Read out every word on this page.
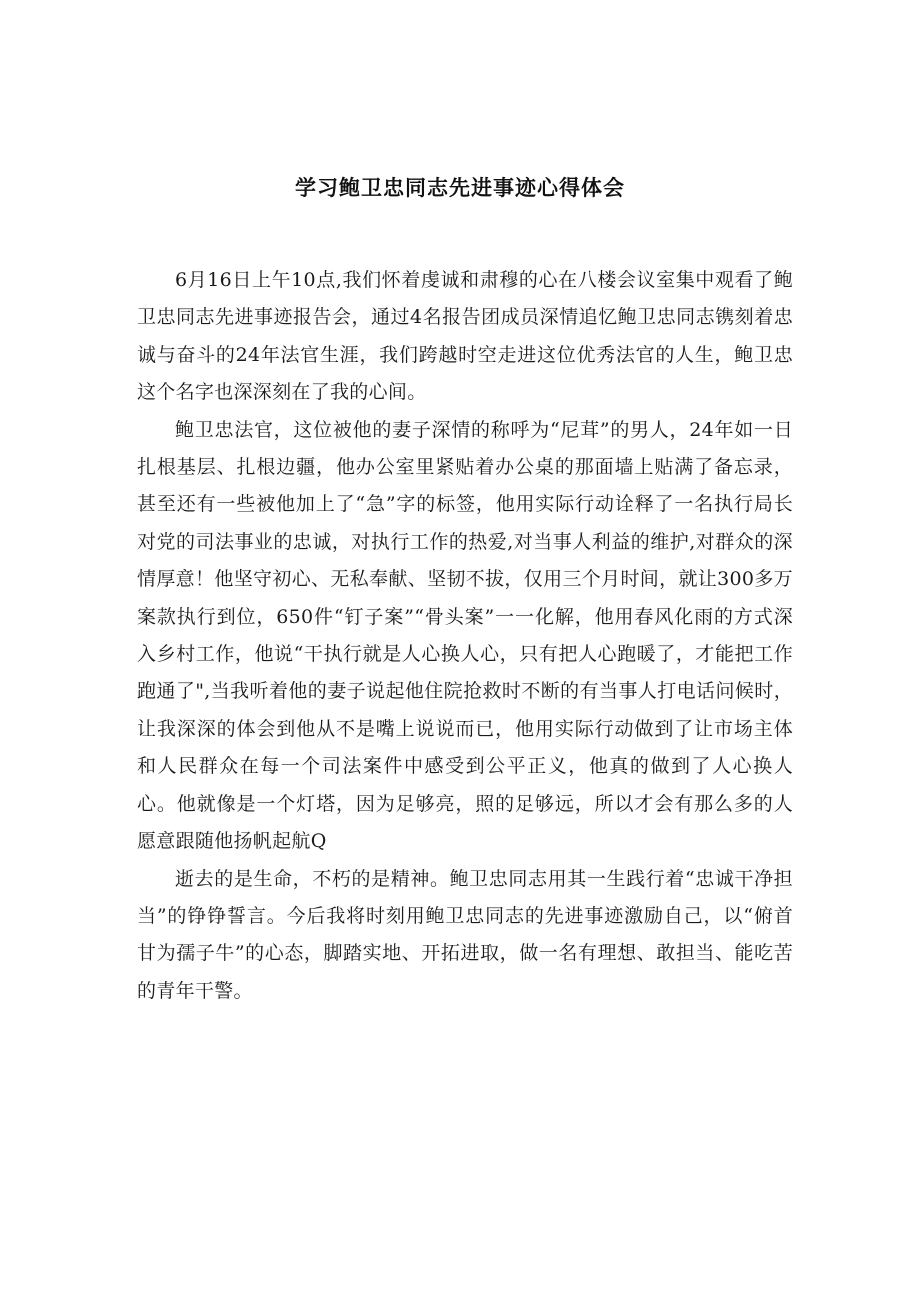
学习鲍卫忠同志先进事迹心得体会

6月16日上午10点,我们怀着虔诚和肃穆的心在八楼会议室集中观看了鲍卫忠同志先进事迹报告会，通过4名报告团成员深情追忆鲍卫忠同志镌刻着忠诚与奋斗的24年法官生涯，我们跨越时空走进这位优秀法官的人生，鲍卫忠这个名字也深深刻在了我的心间。

鲍卫忠法官，这位被他的妻子深情的称呼为“尼茸”的男人，24年如一日扎根基层、扎根边疆，他办公室里紧贴着办公桌的那面墙上贴满了备忘录，甚至还有一些被他加上了“急”字的标签，他用实际行动诠释了一名执行局长对党的司法事业的忠诚，对执行工作的热爱,对当事人利益的维护,对群众的深情厚意！他坚守初心、无私奉献、坚韧不拔，仅用三个月时间，就让300多万案款执行到位，650件“钉子案”“骨头案”一一化解，他用春风化雨的方式深入乡村工作，他说“干执行就是人心换人心，只有把人心跑暖了，才能把工作跑通了",当我听着他的妻子说起他住院抢救时不断的有当事人打电话问候时，让我深深的体会到他从不是嘴上说说而已，他用实际行动做到了让市场主体和人民群众在每一个司法案件中感受到公平正义，他真的做到了人心换人心。他就像是一个灯塔，因为足够亮，照的足够远，所以才会有那么多的人愿意跟随他扬帆起航Q

逝去的是生命，不朽的是精神。鲍卫忠同志用其一生践行着“忠诚干净担当”的铮铮誓言。今后我将时刻用鲍卫忠同志的先进事迹激励自己，以“俯首甘为孺子牛”的心态，脚踏实地、开拓进取，做一名有理想、敢担当、能吃苦的青年干警。
